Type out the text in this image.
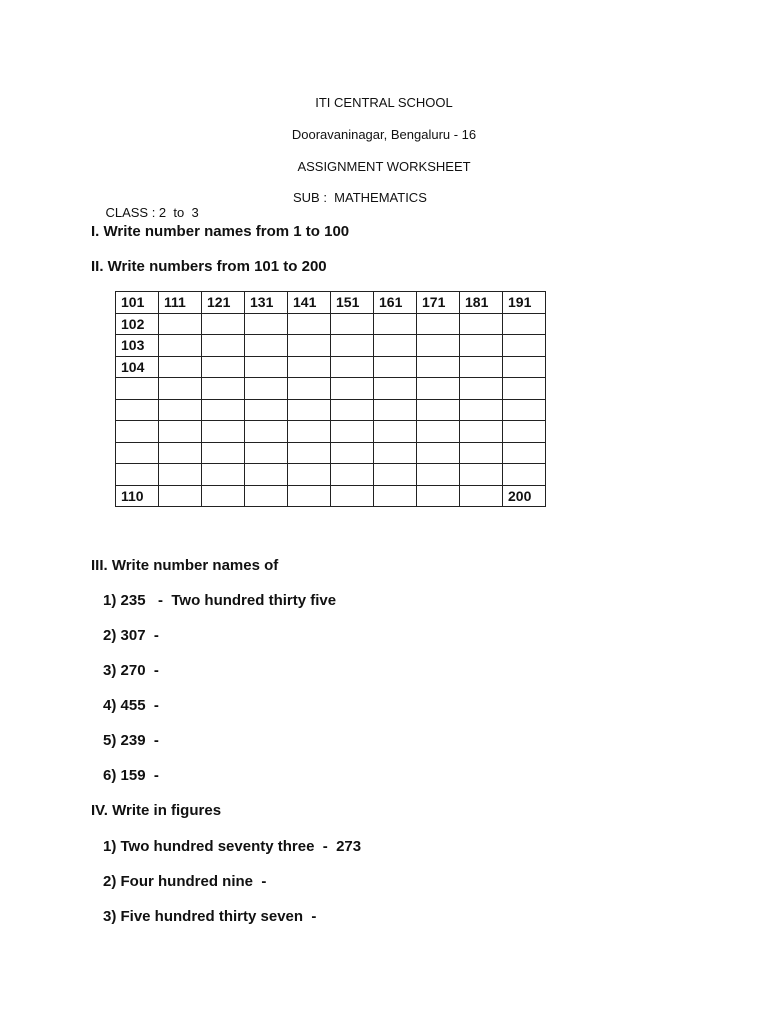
ITI CENTRAL SCHOOL
Dooravaninagar, Bengaluru - 16
ASSIGNMENT WORKSHEET

CLASS : 2  to  3

SUB :  MATHEMATICS

I. Write number names from 1 to 100
II. Write numbers from 101 to 200
101	111	121	131	141	151	161	171	181	191
102									
103									
104									

110									200
III. Write number names of
1) 235   -  Two hundred thirty five
2) 307  -
3) 270  -
4) 455  -
5) 239  -
6) 159  -
IV. Write in figures
1) Two hundred seventy three  -  273
2) Four hundred nine  -
3) Five hundred thirty seven  -
